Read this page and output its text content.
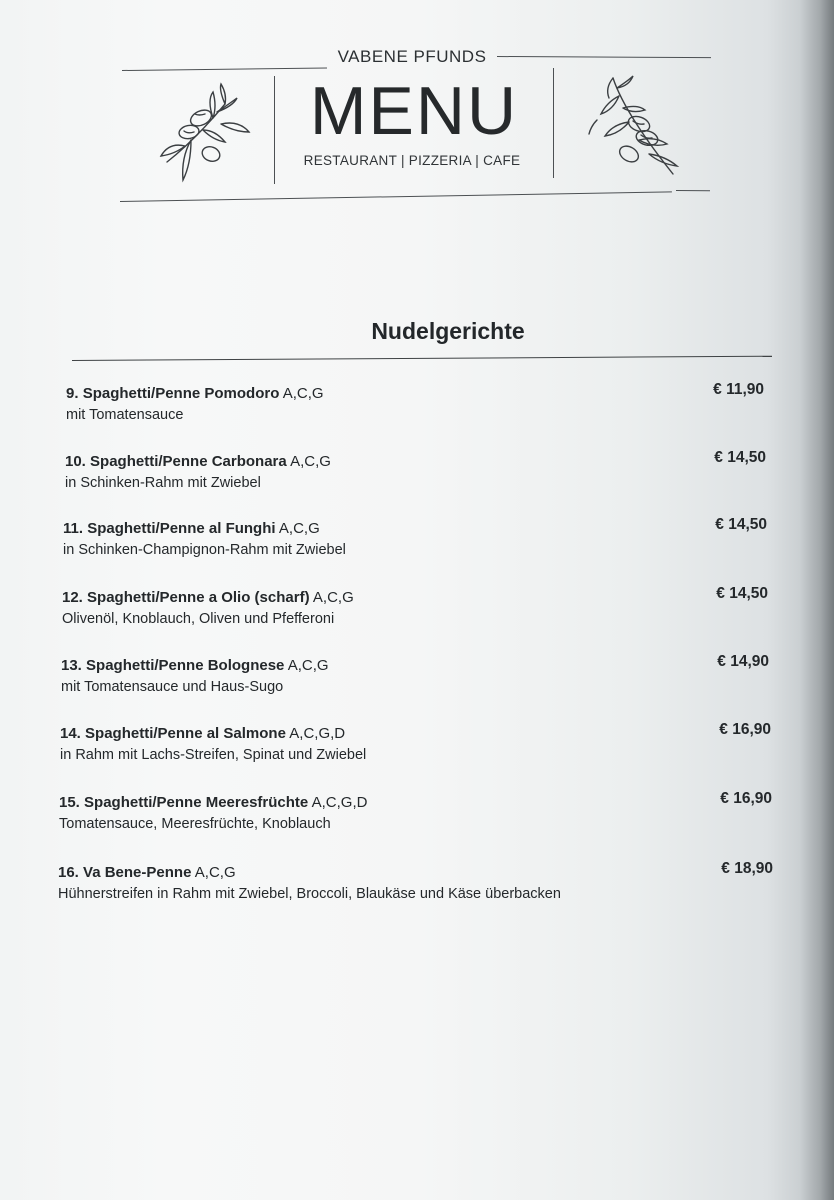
VABENE PFUNDS
MENU
RESTAURANT | PIZZERIA | CAFE
Nudelgerichte
9. Spaghetti/Penne Pomodoro A,C,G	€ 11,90
mit Tomatensauce
10. Spaghetti/Penne Carbonara A,C,G	€ 14,50
in Schinken-Rahm mit Zwiebel
11. Spaghetti/Penne al Funghi A,C,G	€ 14,50
in Schinken-Champignon-Rahm mit Zwiebel
12. Spaghetti/Penne a Olio (scharf) A,C,G	€ 14,50
Olivenöl, Knoblauch, Oliven und Pfefferoni
13. Spaghetti/Penne Bolognese A,C,G	€ 14,90
mit Tomatensauce und Haus-Sugo
14. Spaghetti/Penne al Salmone A,C,G,D	€ 16,90
in Rahm mit Lachs-Streifen, Spinat und Zwiebel
15. Spaghetti/Penne Meeresfrüchte A,C,G,D	€ 16,90
Tomatensauce, Meeresfrüchte, Knoblauch
16. Va Bene-Penne A,C,G	€ 18,90
Hühnerstreifen in Rahm mit Zwiebel, Broccoli, Blaukäse und Käse überbacken
